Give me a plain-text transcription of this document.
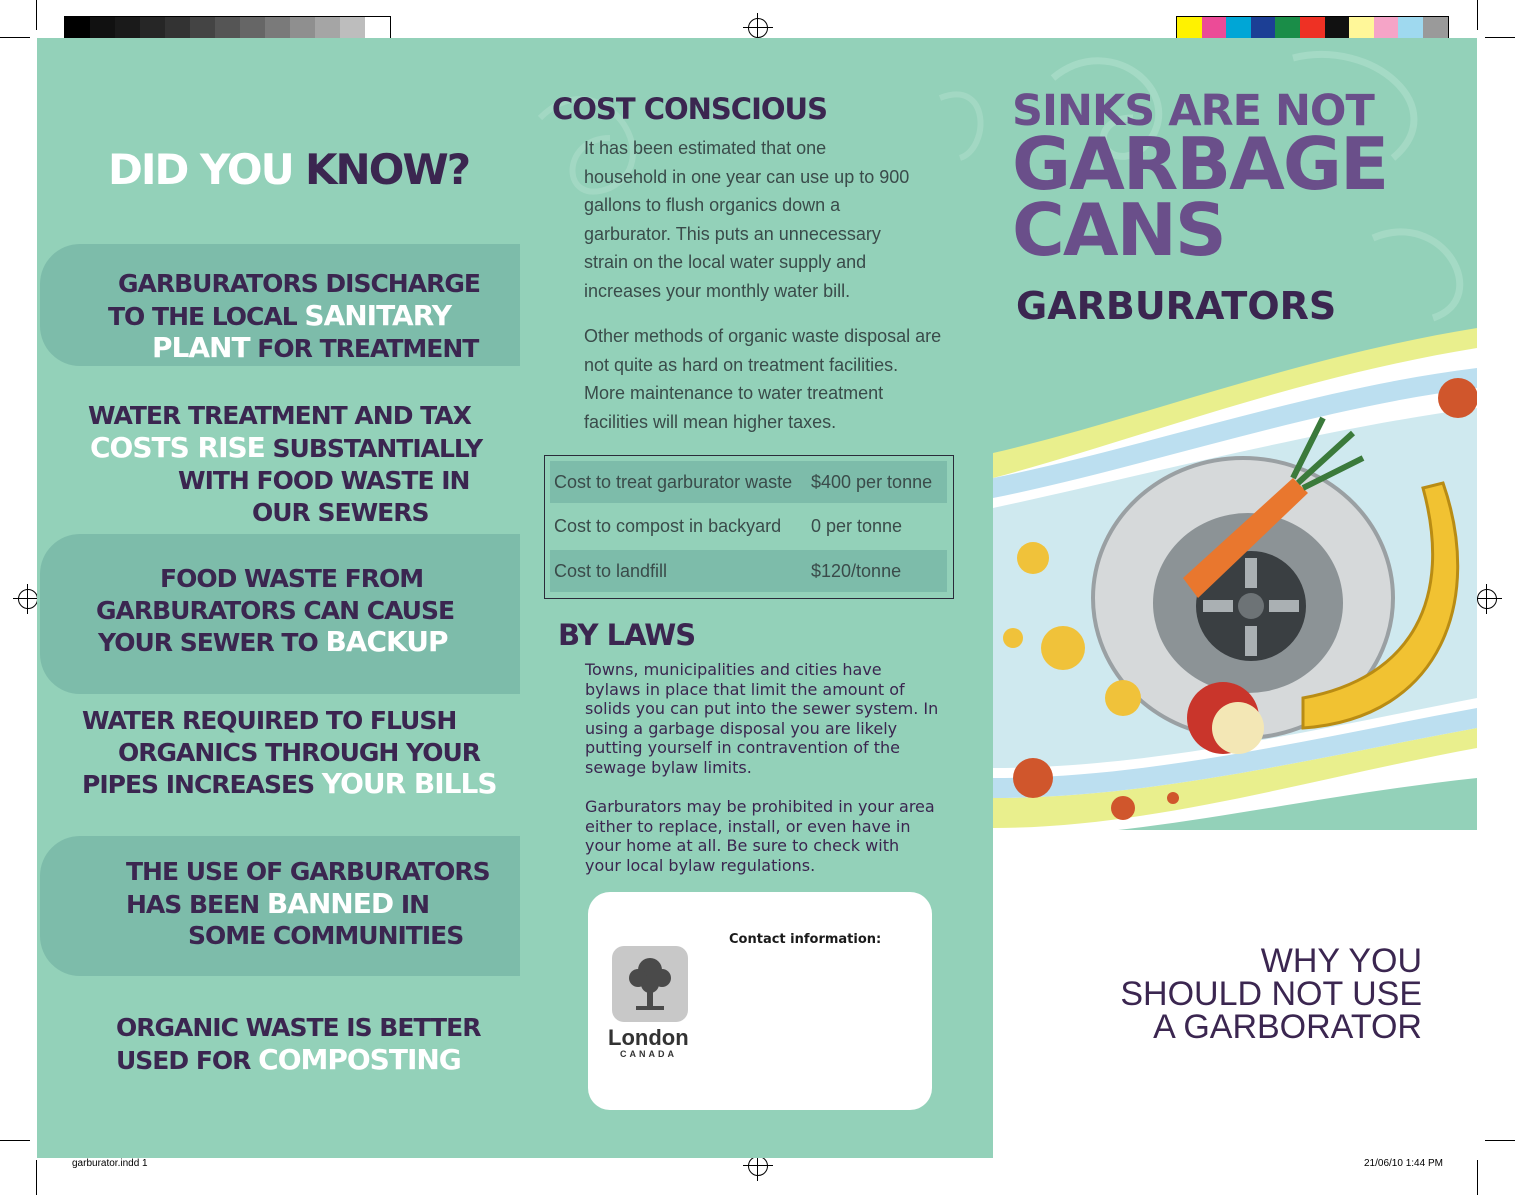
garburator.indd 1	21/06/10 1:44 PM
DID YOU KNOW?
GARBURATORS DISCHARGE
TO THE LOCAL SANITARY
PLANT FOR TREATMENT
WATER TREATMENT AND TAX
COSTS RISE SUBSTANTIALLY
WITH FOOD WASTE IN
OUR SEWERS
FOOD WASTE FROM
GARBURATORS CAN CAUSE
YOUR SEWER TO BACKUP
WATER REQUIRED TO FLUSH
ORGANICS THROUGH YOUR
PIPES INCREASES YOUR BILLS
THE USE OF GARBURATORS
HAS BEEN BANNED IN
SOME COMMUNITIES
ORGANIC WASTE IS BETTER
USED FOR COMPOSTING
COST CONSCIOUS
It has been estimated that one household in one year can use up to 900 gallons to flush organics down a garburator. This puts an unnecessary strain on the local water supply and increases your monthly water bill.
Other methods of organic waste disposal are not quite as hard on treatment facilities. More maintenance to water treatment facilities will mean higher taxes.
Cost to treat garburator waste $400 per tonne
Cost to compost in backyard 0 per tonne
Cost to landfill	$120/tonne
BY LAWS
Towns, municipalities and cities have bylaws in place that limit the amount of solids you can put into the sewer system. In using a garbage disposal you are likely putting yourself in contravention of the sewage bylaw limits.
Garburators may be prohibited in your area either to replace, install, or even have in your home at all. Be sure to check with your local bylaw regulations.
Contact information:
London
CANADA
SINKS ARE NOT
GARBAGE
CANS
GARBURATORS
WHY YOU
SHOULD NOT USE
A GARBORATOR
